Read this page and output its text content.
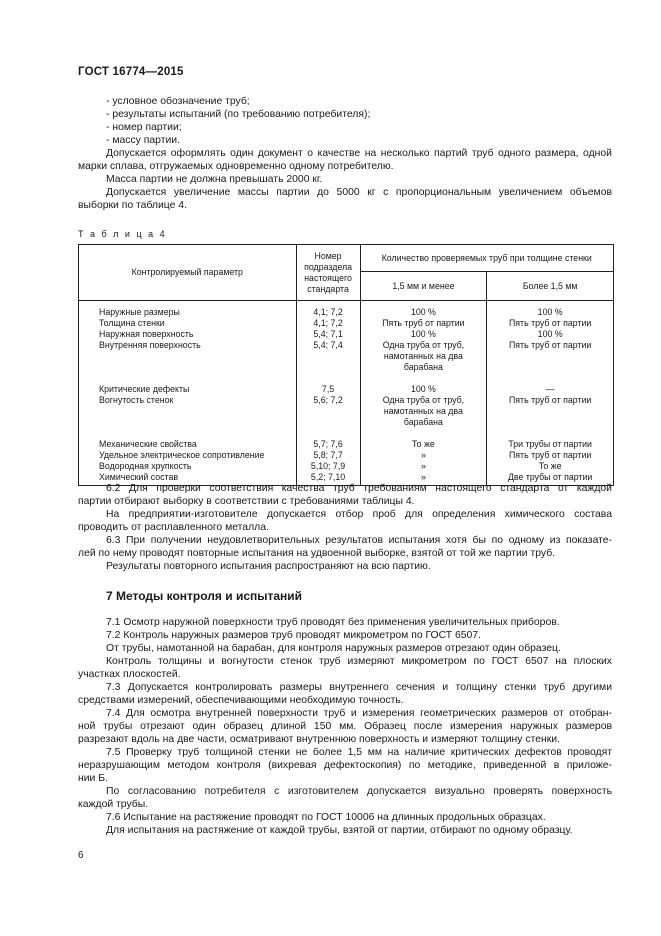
ГОСТ 16774—2015

- условное обозначение труб;

- результаты испытаний (по требованию потребителя);

- номер партии;

- массу партии.

Допускается оформлять один документ о качестве на несколько партий труб одного размера, одной

марки сплава, отгружаемых одновременно одному потребителю.

Масса партии не должна превышать 2000 кг.

Допускается увеличение массы партии до 5000 кг с пропорциональным увеличением объемов

выборки по таблице 4.

Т а б л и ц а 4
Контролируемый параметр	Номер
подраздела
настоящего
стандарта	Количество проверяемых труб при толщине стенки	
		1,5 мм и менее	Более 1,5 мм
Наружные размеры	4,1; 7,2	100 %	100 %
Толщина стенки	4,1; 7,2	Пять труб от партии	Пять труб от партии
Наружная поверхность	5,4; 7,1	100 %	100 %
Внутренняя поверхность	5,4; 7,4	Одна труба от труб,
намотанных на два
барабана	Пять труб от партии

Критические дефекты	7,5	100 %	—
Вогнутость стенок	5,6; 7,2	Одна труба от труб,
намотанных на два
барабана	Пять труб от партии

Механические свойства	5,7; 7,6	То же	Три трубы от партии
Удельное электрическое сопротивление	5,8; 7,7	»	Пять труб от партии
Водородная хрупкость	5,10; 7,9	»	То же
Химический состав	5,2; 7,10	»	Две трубы от партии

6.2 Для проверки соответствия качества труб требованиям настоящего стандарта от каждой

партии отбирают выборку в соответствии с требованиями таблицы 4.

На предприятии-изготовителе допускается отбор проб для определения химического состава

проводить от расплавленного металла.

6.3 При получении неудовлетворительных результатов испытания хотя бы по одному из показате-

лей по нему проводят повторные испытания на удвоенной выборке, взятой от той же партии труб.

Результаты повторного испытания распространяют на всю партию.

7 Методы контроля и испытаний

7.1 Осмотр наружной поверхности труб проводят без применения увеличительных приборов.

7.2 Контроль наружных размеров труб проводят микрометром по ГОСТ 6507.

От трубы, намотанной на барабан, для контроля наружных размеров отрезают один образец.

Контроль толщины и вогнутости стенок труб измеряют микрометром по ГОСТ 6507 на плоских

участках плоскостей.

7.3 Допускается контролировать размеры внутреннего сечения и толщину стенки труб другими

средствами измерений, обеспечивающими необходимую точность.

7.4 Для осмотра внутренней поверхности труб и измерения геометрических размеров от отобран-

ной трубы отрезают один образец длиной 150 мм. Образец после измерения наружных размеров

разрезают вдоль на две части, осматривают внутреннюю поверхность и измеряют толщину стенки.

7.5 Проверку труб толщиной стенки не более 1,5 мм на наличие критических дефектов проводят

неразрушающим методом контроля (вихревая дефектоскопия) по методике, приведенной в приложе-

нии Б.

По согласованию потребителя с изготовителем допускается визуально проверять поверхность

каждой трубы.

7.6 Испытание на растяжение проводят по ГОСТ 10006 на длинных продольных образцах.

Для испытания на растяжение от каждой трубы, взятой от партии, отбирают по одному образцу.

6
